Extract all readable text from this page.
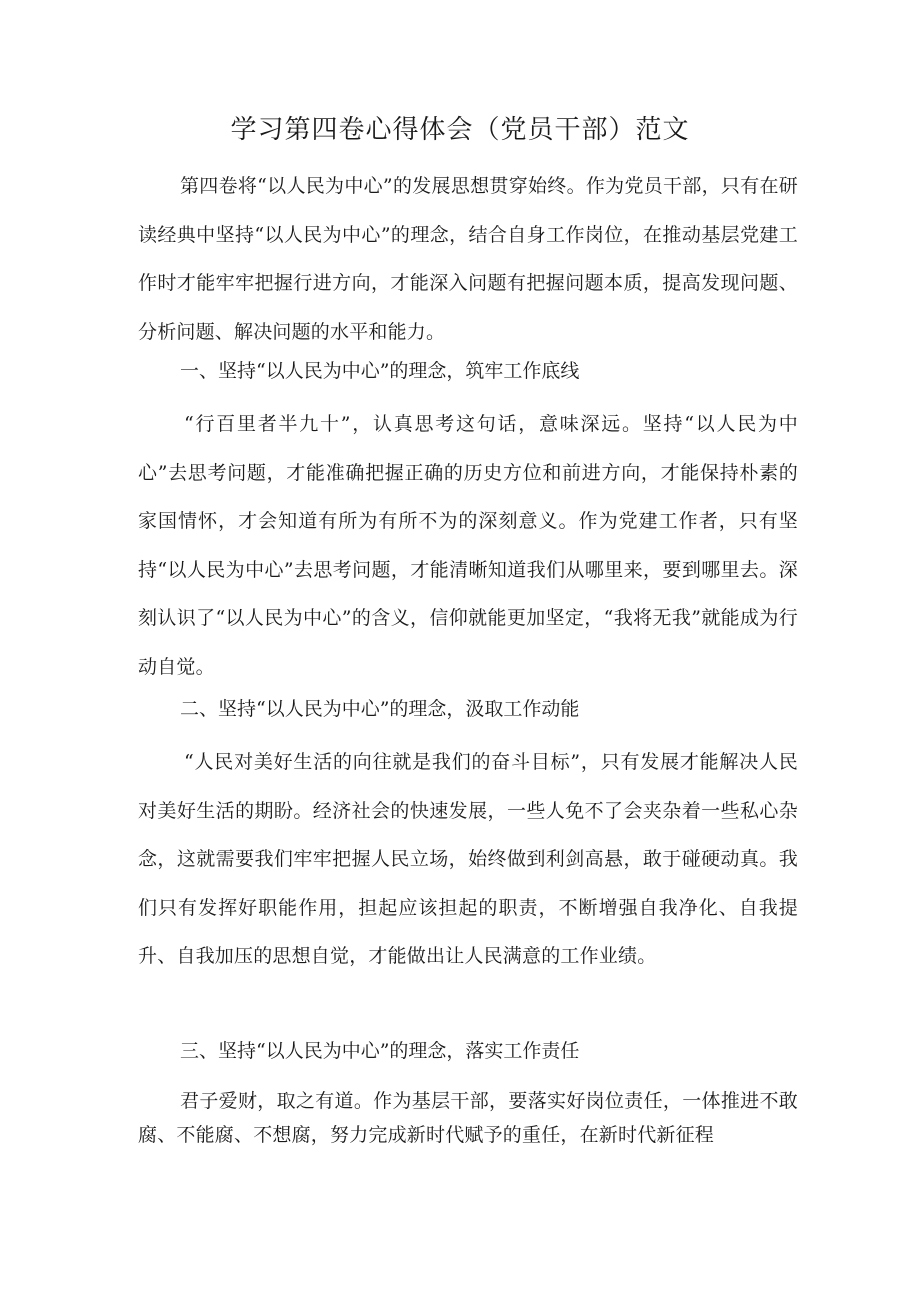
学习第四卷心得体会（党员干部）范文

第四卷将“以人民为中心”的发展思想贯穿始终。作为党员干部，只有在研读经典中坚持“以人民为中心”的理念，结合自身工作岗位，在推动基层党建工作时才能牢牢把握行进方向，才能深入问题有把握问题本质，提高发现问题、分析问题、解决问题的水平和能力。

一、坚持“以人民为中心”的理念，筑牢工作底线

“行百里者半九十”，认真思考这句话，意味深远。坚持“以人民为中心”去思考问题，才能准确把握正确的历史方位和前进方向，才能保持朴素的家国情怀，才会知道有所为有所不为的深刻意义。作为党建工作者，只有坚持“以人民为中心”去思考问题，才能清晰知道我们从哪里来，要到哪里去。深刻认识了“以人民为中心”的含义，信仰就能更加坚定，“我将无我”就能成为行动自觉。

二、坚持“以人民为中心”的理念，汲取工作动能

“人民对美好生活的向往就是我们的奋斗目标”，只有发展才能解决人民对美好生活的期盼。经济社会的快速发展，一些人免不了会夹杂着一些私心杂念，这就需要我们牢牢把握人民立场，始终做到利剑高悬，敢于碰硬动真。我们只有发挥好职能作用，担起应该担起的职责，不断增强自我净化、自我提升、自我加压的思想自觉，才能做出让人民满意的工作业绩。

三、坚持“以人民为中心”的理念，落实工作责任

君子爱财，取之有道。作为基层干部，要落实好岗位责任，一体推进不敢腐、不能腐、不想腐，努力完成新时代赋予的重任，在新时代新征程
